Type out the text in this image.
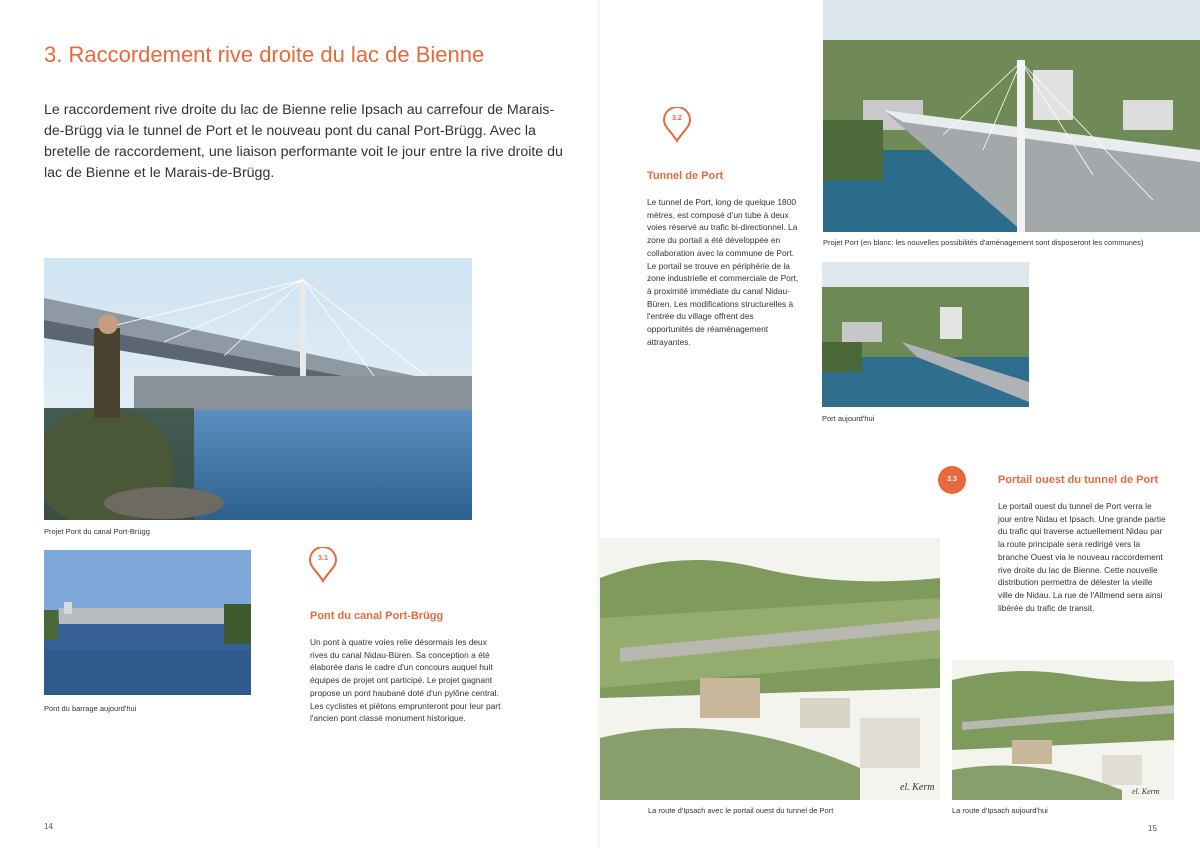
3. Raccordement rive droite du lac de Bienne
Le raccordement rive droite du lac de Bienne relie Ipsach au carrefour de Marais-de-Brügg via le tunnel de Port et le nouveau pont du canal Port-Brügg. Avec la bretelle de raccordement, une liaison performante voit le jour entre la rive droite du lac de Bienne et le Marais-de-Brügg.
Projet Pont du canal Port-Brügg
Pont du barrage aujourd'hui
3.1
Pont du canal Port-Brügg
Un pont à quatre voies relie désormais les deux rives du canal Nidau-Büren. Sa conception a été élaborée dans le cadre d'un concours auquel huit équipes de projet ont participé. Le projet gagnant propose un pont haubané doté d'un pylône central. Les cyclistes et piétons emprunteront pour leur part l'ancien pont classé monument historique.
14
3.2
Tunnel de Port
Le tunnel de Port, long de quelque 1800 mètres, est composé d'un tube à deux voies réservé au trafic bi-directionnel. La zone du portail a été développée en collaboration avec la commune de Port. Le portail se trouve en périphérie de la zone industrielle et commerciale de Port, à proximité immédiate du canal Nidau-Büren. Les modifications structurelles à l'entrée du village offrent des opportunités de réaménagement attrayantes.
Projet Port (en blanc: les nouvelles possibilités d'aménagement sont disposeront les communes)
Port aujourd'hui
3.3	Portail ouest du tunnel de Port
Le portail ouest du tunnel de Port verra le jour entre Nidau et Ipsach. Une grande partie du trafic qui traverse actuellement Nidau par la route principale sera redirigé vers la branche Ouest via le nouveau raccordement rive droite du lac de Bienne. Cette nouvelle distribution permettra de délester la vieille ville de Nidau. La rue de l'Allmend sera ainsi libérée du trafic de transit.
el. Kerm
La route d'Ipsach avec le portail ouest du tunnel de Port
el. Kerm
La route d'Ipsach aujourd'hui
15
